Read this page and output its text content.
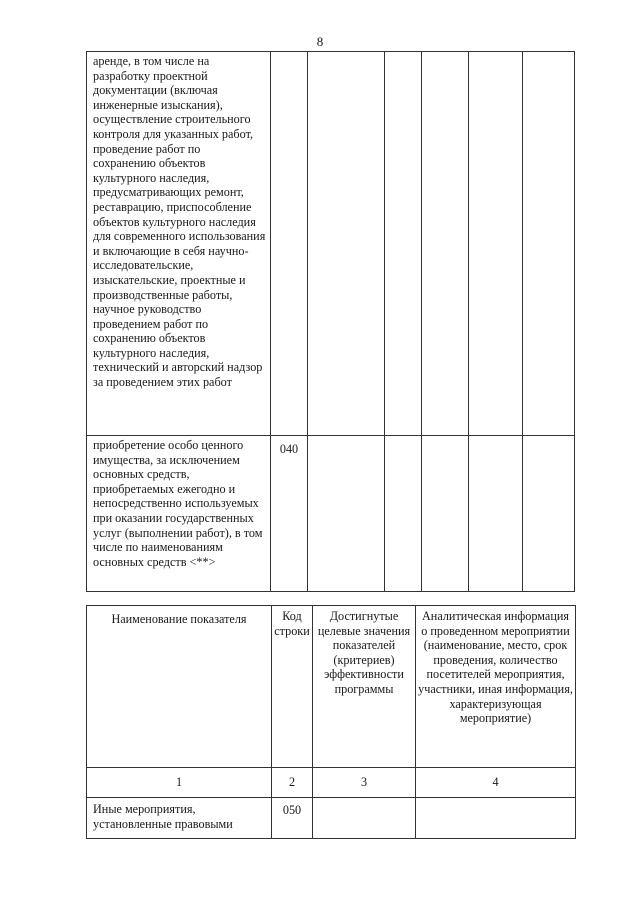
8
аренде, в том числе на разработку проектной документации (включая инженерные изыскания), осуществление строительного контроля для указанных работ, проведение работ по сохранению объектов культурного наследия, предусматривающих ремонт, реставрацию, приспособление объектов культурного наследия для современного использования и включающие в себя научно-исследовательские, изыскательские, проектные и производственные работы, научное руководство проведением работ по сохранению объектов культурного наследия, технический и авторский надзор за проведением этих работ						
приобретение особо ценного имущества, за исключением основных средств, приобретаемых ежегодно и непосредственно используемых при оказании государственных услуг (выполнении работ), в том числе по наименованиям основных средств <**>	040					
Наименование показателя	Код строки	Достигнутые целевые значения показателей (критериев) эффективности программы	Аналитическая информация о проведенном мероприятии (наименование, место, срок проведения, количество посетителей мероприятия, участники, иная информация, характеризующая мероприятие)
1	2	3	4
Иные мероприятия, установленные правовыми	050		
